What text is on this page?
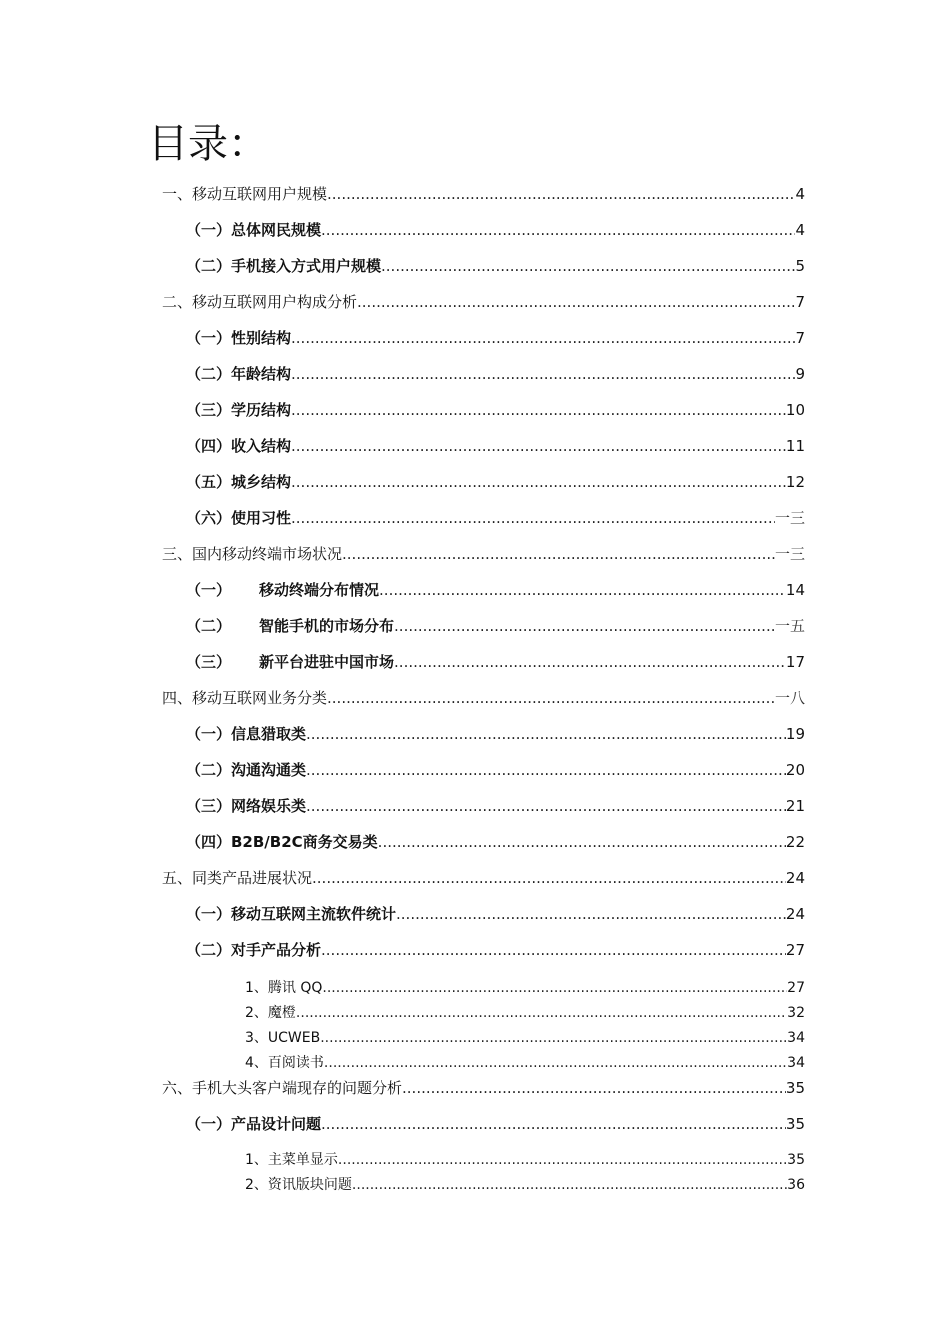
目录：
一、移动互联网用户规模 .....	4
（一）总体网民规模 .....	4
（二）手机接入方式用户规模 .....	5
二、移动互联网用户构成分析 .....	7
（一）性别结构 .....	7
（二）年龄结构 .....	9
（三）学历结构 .....	10
（四）收入结构 .....	11
（五）城乡结构 .....	12
（六）使用习性 .....	一三
三、国内移动终端市场状况 .....	一三
（一） 移动终端分布情况 .....	14
（二） 智能手机的市场分布 .....	一五
（三） 新平台进驻中国市场 .....	17
四、移动互联网业务分类 .....	一八
（一）信息猎取类 .....	19
（二）沟通沟通类 .....	20
（三）网络娱乐类 .....	21
（四）B2B/B2C商务交易类 .....	22
五、同类产品进展状况 .....	24
（一）移动互联网主流软件统计 .....	24
（二）对手产品分析 .....	27
1、腾讯 QQ .....	27
2、魔橙 .....	32
3、UCWEB .....	34
4、百阅读书 .....	34
六、手机大头客户端现存的问题分析 .....	35
（一）产品设计问题 .....	35
1、主菜单显示 .....	35
2、资讯版块问题 .....	36
